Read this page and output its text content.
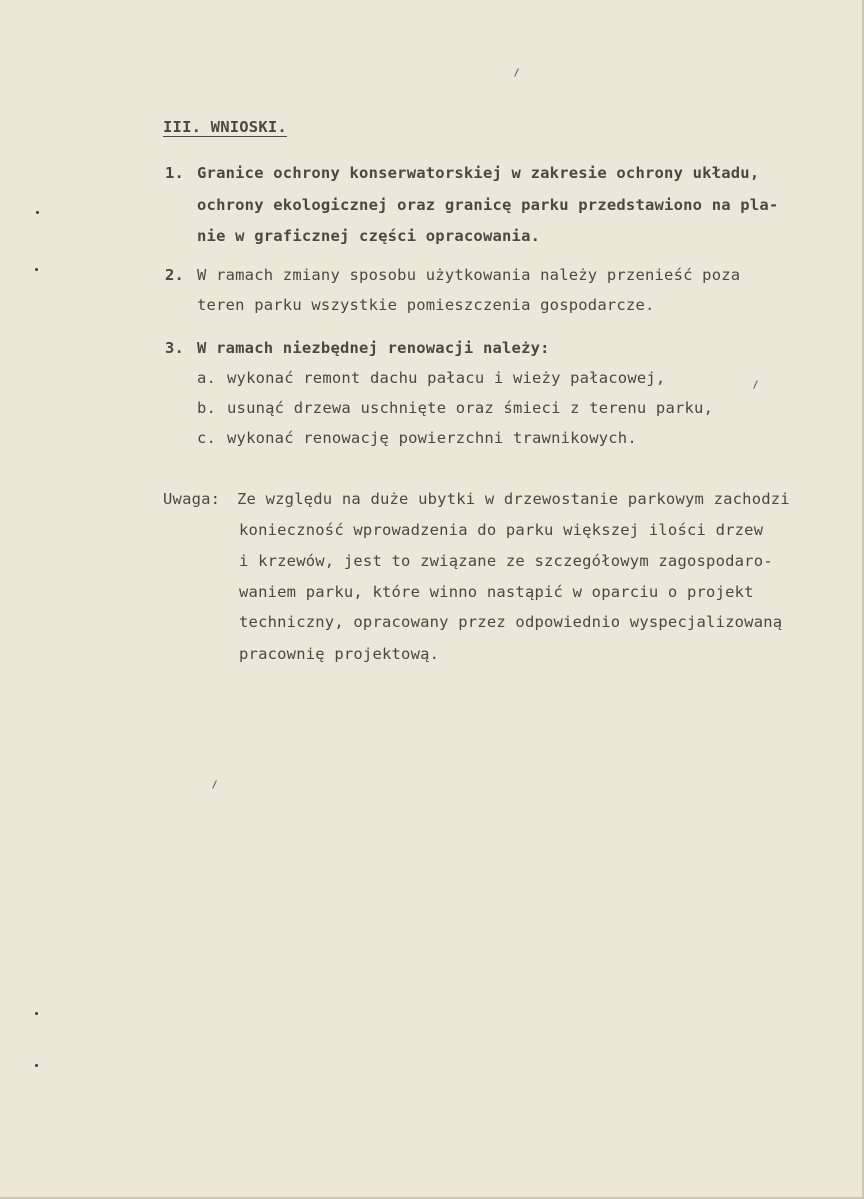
III. WNIOSKI.
1. Granice ochrony konserwatorskiej w zakresie ochrony układu,
ochrony ekologicznej oraz granicę parku przedstawiono na pla-
nie w graficznej części opracowania.
2. W ramach zmiany sposobu użytkowania należy przenieść poza
teren parku wszystkie pomieszczenia gospodarcze.
3. W ramach niezbędnej renowacji należy:
a. wykonać remont dachu pałacu i wieży pałacowej,
b. usunąć drzewa uschnięte oraz śmieci z terenu parku,
c. wykonać renowację powierzchni trawnikowych.
Uwaga: Ze względu na duże ubytki w drzewostanie parkowym zachodzi
konieczność wprowadzenia do parku większej ilości drzew
i krzewów, jest to związane ze szczegółowym zagospodaro-
waniem parku, które winno nastąpić w oparciu o projekt
techniczny, opracowany przez odpowiednio wyspecjalizowaną
pracownię projektową.
